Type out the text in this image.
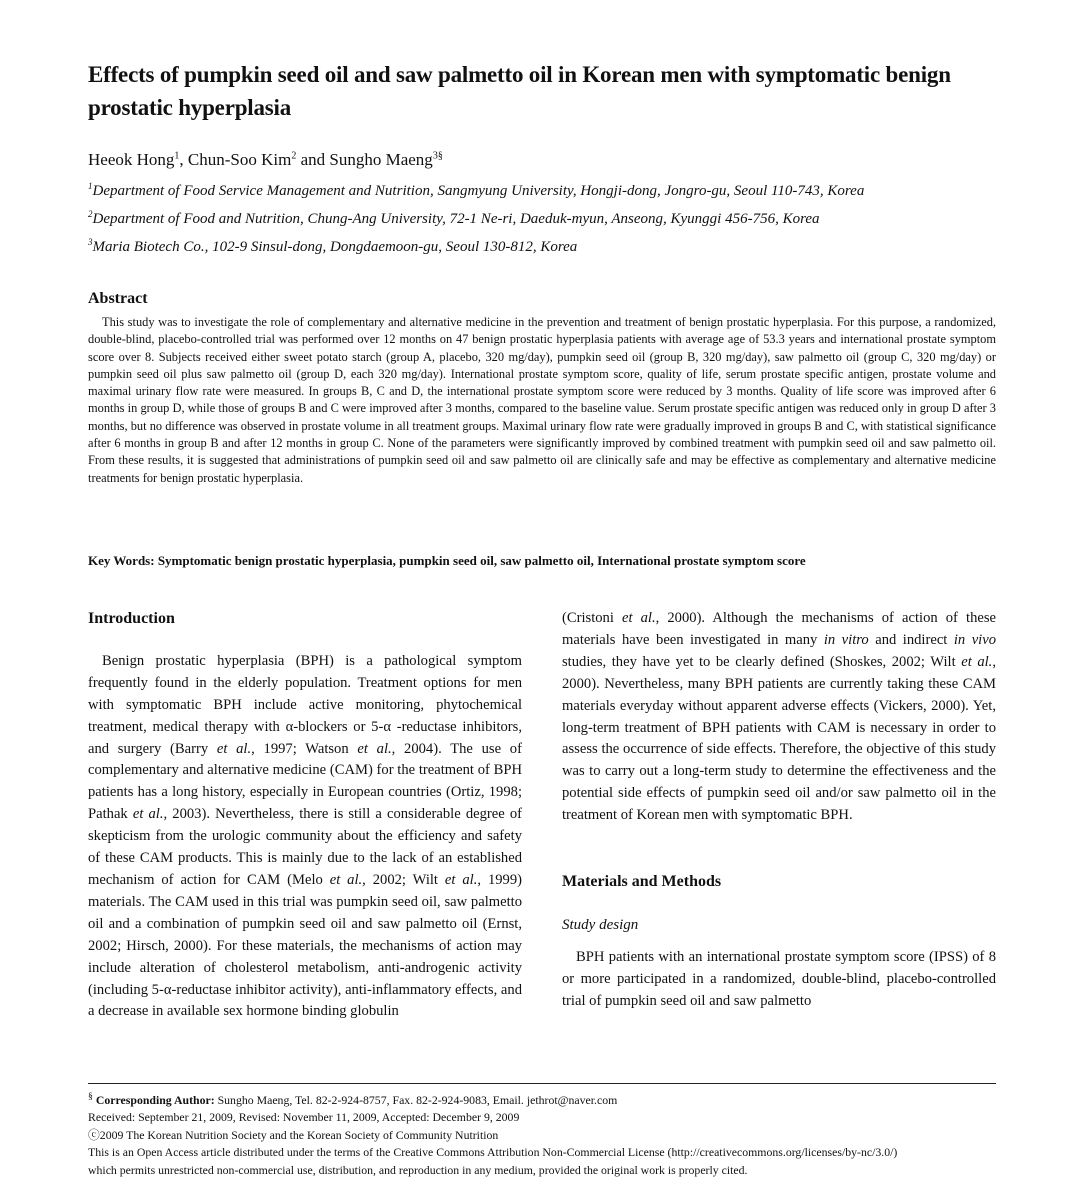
Effects of pumpkin seed oil and saw palmetto oil in Korean men with symptomatic benign prostatic hyperplasia
Heeok Hong$^1$, Chun-Soo Kim$^2$ and Sungho Maeng$^{3\S}$
$^1$Department of Food Service Management and Nutrition, Sangmyung University, Hongji-dong, Jongro-gu, Seoul 110-743, Korea
$^2$Department of Food and Nutrition, Chung-Ang University, 72-1 Ne-ri, Daeduk-myun, Anseong, Kyunggi 456-756, Korea
$^3$Maria Biotech Co., 102-9 Sinsul-dong, Dongdaemoon-gu, Seoul 130-812, Korea
Abstract
This study was to investigate the role of complementary and alternative medicine in the prevention and treatment of benign prostatic hyperplasia. For this purpose, a randomized, double-blind, placebo-controlled trial was performed over 12 months on 47 benign prostatic hyperplasia patients with average age of 53.3 years and international prostate symptom score over 8. Subjects received either sweet potato starch (group A, placebo, 320 mg/day), pumpkin seed oil (group B, 320 mg/day), saw palmetto oil (group C, 320 mg/day) or pumpkin seed oil plus saw palmetto oil (group D, each 320 mg/day). International prostate symptom score, quality of life, serum prostate specific antigen, prostate volume and maximal urinary flow rate were measured. In groups B, C and D, the international prostate symptom score were reduced by 3 months. Quality of life score was improved after 6 months in group D, while those of groups B and C were improved after 3 months, compared to the baseline value. Serum prostate specific antigen was reduced only in group D after 3 months, but no difference was observed in prostate volume in all treatment groups. Maximal urinary flow rate were gradually improved in groups B and C, with statistical significance after 6 months in group B and after 12 months in group C. None of the parameters were significantly improved by combined treatment with pumpkin seed oil and saw palmetto oil. From these results, it is suggested that administrations of pumpkin seed oil and saw palmetto oil are clinically safe and may be effective as complementary and alternative medicine treatments for benign prostatic hyperplasia.
Key Words: Symptomatic benign prostatic hyperplasia, pumpkin seed oil, saw palmetto oil, International prostate symptom score
Introduction
Benign prostatic hyperplasia (BPH) is a pathological symptom frequently found in the elderly population. Treatment options for men with symptomatic BPH include active monitoring, phytochemical treatment, medical therapy with α-blockers or 5-α -reductase inhibitors, and surgery (Barry et al., 1997; Watson et al., 2004). The use of complementary and alternative medicine (CAM) for the treatment of BPH patients has a long history, especially in European countries (Ortiz, 1998; Pathak et al., 2003). Nevertheless, there is still a considerable degree of skepticism from the urologic community about the efficiency and safety of these CAM products. This is mainly due to the lack of an established mechanism of action for CAM (Melo et al., 2002; Wilt et al., 1999) materials. The CAM used in this trial was pumpkin seed oil, saw palmetto oil and a combination of pumpkin seed oil and saw palmetto oil (Ernst, 2002; Hirsch, 2000). For these materials, the mechanisms of action may include alteration of cholesterol metabolism, anti-androgenic activity (including 5-α-reductase inhibitor activity), anti-inflammatory effects, and a decrease in available sex hormone binding globulin
(Cristoni et al., 2000). Although the mechanisms of action of these materials have been investigated in many in vitro and indirect in vivo studies, they have yet to be clearly defined (Shoskes, 2002; Wilt et al., 2000). Nevertheless, many BPH patients are currently taking these CAM materials everyday without apparent adverse effects (Vickers, 2000). Yet, long-term treatment of BPH patients with CAM is necessary in order to assess the occurrence of side effects. Therefore, the objective of this study was to carry out a long-term study to determine the effectiveness and the potential side effects of pumpkin seed oil and/or saw palmetto oil in the treatment of Korean men with symptomatic BPH.
Materials and Methods
Study design
BPH patients with an international prostate symptom score (IPSS) of 8 or more participated in a randomized, double-blind, placebo-controlled trial of pumpkin seed oil and saw palmetto
§ Corresponding Author: Sungho Maeng, Tel. 82-2-924-8757, Fax. 82-2-924-9083, Email. jethrot@naver.com
Received: September 21, 2009, Revised: November 11, 2009, Accepted: December 9, 2009
ⓒ2009 The Korean Nutrition Society and the Korean Society of Community Nutrition
This is an Open Access article distributed under the terms of the Creative Commons Attribution Non-Commercial License (http://creativecommons.org/licenses/by-nc/3.0/)
which permits unrestricted non-commercial use, distribution, and reproduction in any medium, provided the original work is properly cited.
